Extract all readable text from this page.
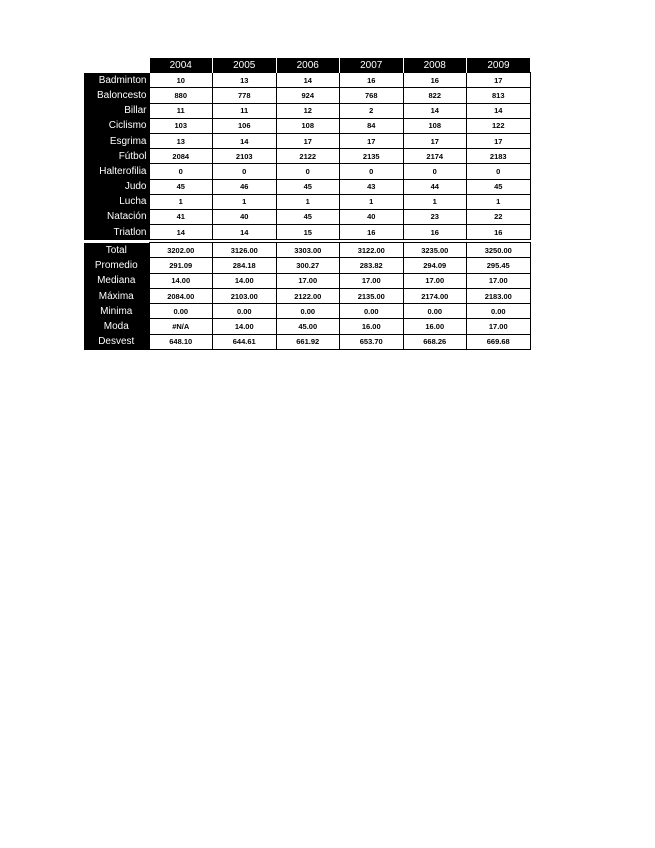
	2004	2005	2006	2007	2008	2009
Badminton	10	13	14	16	16	17
Baloncesto	880	778	924	768	822	813
Billar	11	11	12	2	14	14
Ciclismo	103	106	108	84	108	122
Esgrima	13	14	17	17	17	17
Fútbol	2084	2103	2122	2135	2174	2183
Halterofilia	0	0	0	0	0	0
Judo	45	46	45	43	44	45
Lucha	1	1	1	1	1	1
Natación	41	40	45	40	23	22
Triatlon	14	14	15	16	16	16
Total	3202.00	3126.00	3303.00	3122.00	3235.00	3250.00
Promedio	291.09	284.18	300.27	283.82	294.09	295.45
Mediana	14.00	14.00	17.00	17.00	17.00	17.00
Máxima	2084.00	2103.00	2122.00	2135.00	2174.00	2183.00
Minima	0.00	0.00	0.00	0.00	0.00	0.00
Moda	#N/A	14.00	45.00	16.00	16.00	17.00
Desvest	648.10	644.61	661.92	653.70	668.26	669.68
